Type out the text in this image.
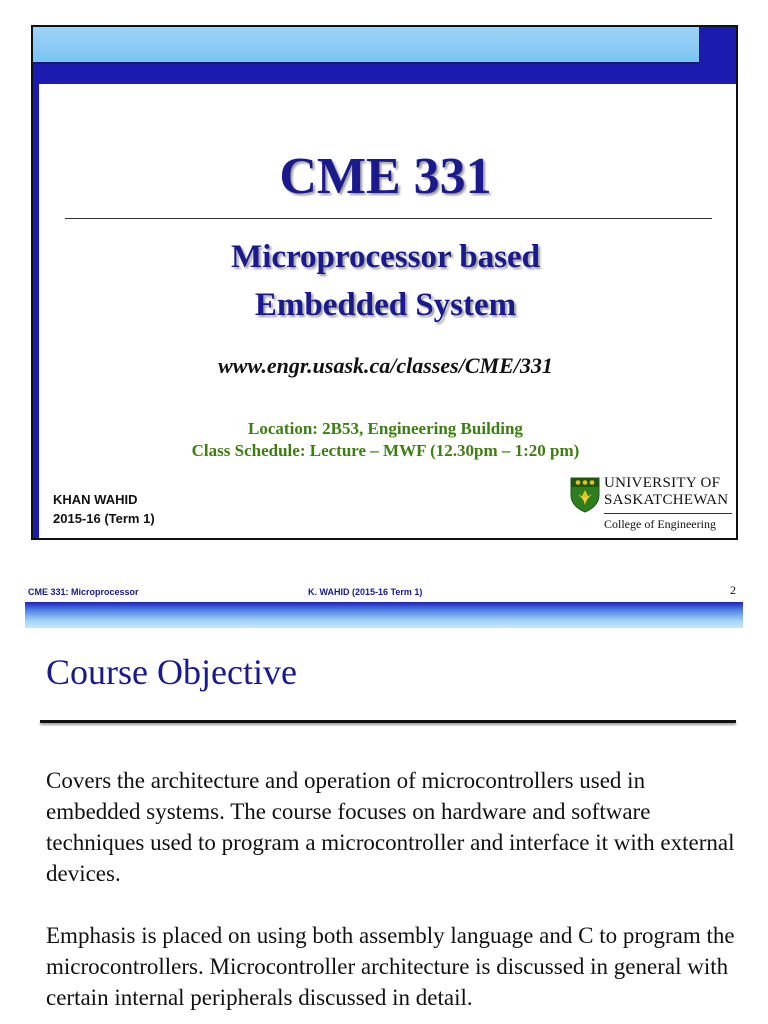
CME 331
Microprocessor based
Embedded System
www.engr.usask.ca/classes/CME/331
Location: 2B53, Engineering Building
Class Schedule: Lecture – MWF (12.30pm – 1:20 pm)
KHAN WAHID
2015-16 (Term 1)
UNIVERSITY OF
SASKATCHEWAN
College of Engineering
CME 331: Microprocessor	K. WAHID (2015-16 Term 1)	2
Course Objective
Covers the architecture and operation of microcontrollers used in embedded systems. The course focuses on hardware and software techniques used to program a microcontroller and interface it with external devices.
Emphasis is placed on using both assembly language and C to program the microcontrollers. Microcontroller architecture is discussed in general with certain internal peripherals discussed in detail.
